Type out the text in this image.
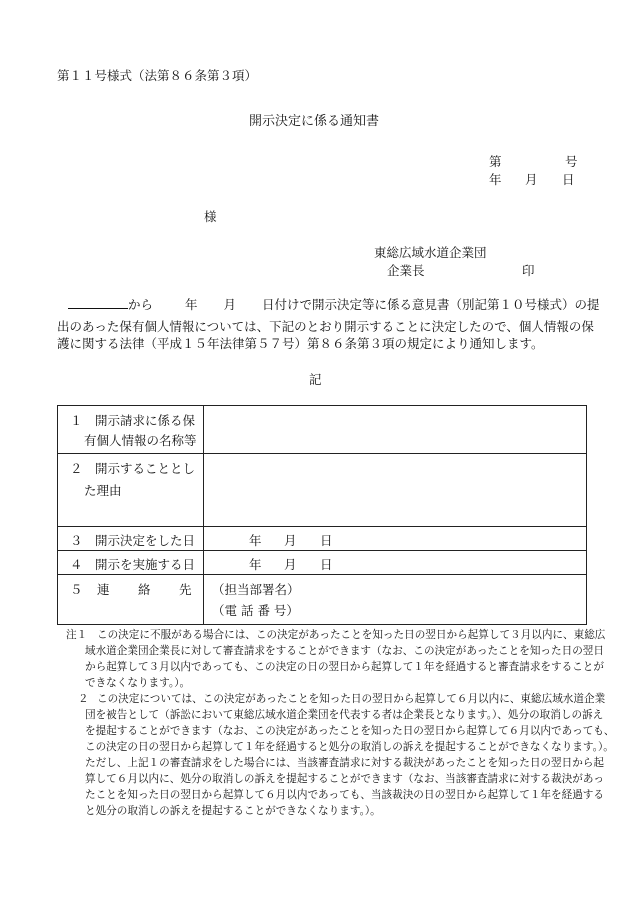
第１１号様式（法第８６条第３項）
開示決定に係る通知書
第	号
年 月 日
様
東総広域水道企業団
企業長	印
から	年 月 日付けで開示決定等に係る意見書（別記第１０号様式）の提
出のあった保有個人情報については、下記のとおり開示することに決定したので、個人情報の保
護に関する法律（平成１５年法律第５７号）第８６条第３項の規定により通知します。
記
１　開示請求に係る保
有個人情報の名称等
２　開示することとし
た理由
３　開示決定をした日	年 月 日
４　開示を実施する日	年 月 日
５ 連 絡 先 （担当部署名）
（電 話 番 号）
注１ この決定に不服がある場合には、この決定があったことを知った日の翌日から起算して３月以内に、東総広
域水道企業団企業長に対して審査請求をすることができます（なお、この決定があったことを知った日の翌日
から起算して３月以内であっても、この決定の日の翌日から起算して１年を経過すると審査請求をすることが
できなくなります。）。
２ この決定については、この決定があったことを知った日の翌日から起算して６月以内に、東総広域水道企業
団を被告として（訴訟において東総広域水道企業団を代表する者は企業長となります。）、処分の取消しの訴え
を提起することができます（なお、この決定があったことを知った日の翌日から起算して６月以内であっても、
この決定の日の翌日から起算して１年を経過すると処分の取消しの訴えを提起することができなくなります。）。
ただし、上記１の審査請求をした場合には、当該審査請求に対する裁決があったことを知った日の翌日から起
算して６月以内に、処分の取消しの訴えを提起することができます（なお、当該審査請求に対する裁決があっ
たことを知った日の翌日から起算して６月以内であっても、当該裁決の日の翌日から起算して１年を経過する
と処分の取消しの訴えを提起することができなくなります。）。
